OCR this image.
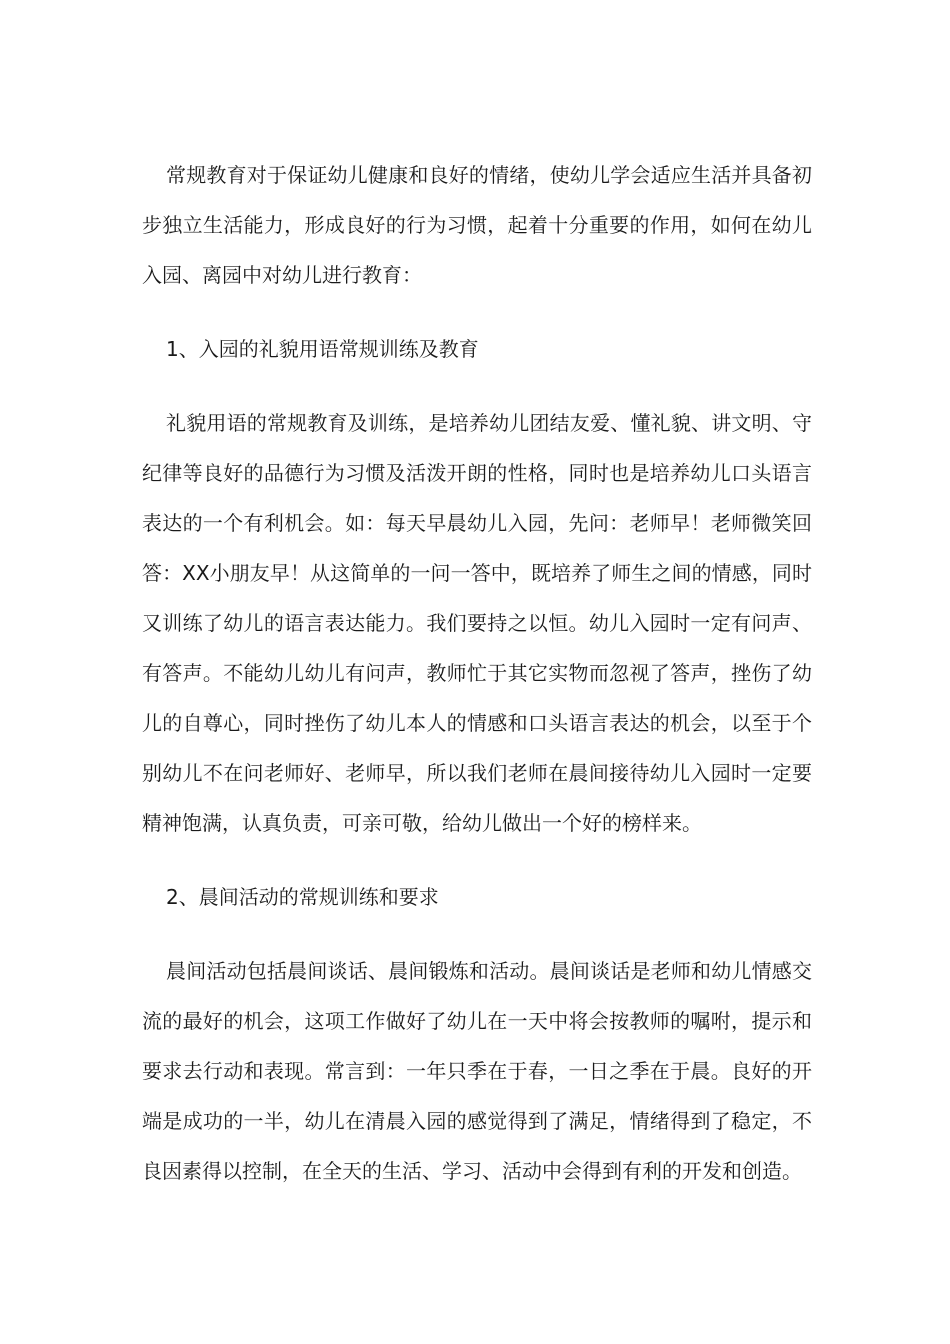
常规教育对于保证幼儿健康和良好的情绪，使幼儿学会适应生活并具备初步独立生活能力，形成良好的行为习惯，起着十分重要的作用，如何在幼儿入园、离园中对幼儿进行教育：

1、入园的礼貌用语常规训练及教育

礼貌用语的常规教育及训练，是培养幼儿团结友爱、懂礼貌、讲文明、守纪律等良好的品德行为习惯及活泼开朗的性格，同时也是培养幼儿口头语言表达的一个有利机会。如：每天早晨幼儿入园，先问：老师早！老师微笑回答：XX小朋友早！从这简单的一问一答中，既培养了师生之间的情感，同时又训练了幼儿的语言表达能力。我们要持之以恒。幼儿入园时一定有问声、有答声。不能幼儿幼儿有问声，教师忙于其它实物而忽视了答声，挫伤了幼儿的自尊心，同时挫伤了幼儿本人的情感和口头语言表达的机会，以至于个别幼儿不在问老师好、老师早，所以我们老师在晨间接待幼儿入园时一定要精神饱满，认真负责，可亲可敬，给幼儿做出一个好的榜样来。

2、晨间活动的常规训练和要求

晨间活动包括晨间谈话、晨间锻炼和活动。晨间谈话是老师和幼儿情感交流的最好的机会，这项工作做好了幼儿在一天中将会按教师的嘱咐，提示和要求去行动和表现。常言到：一年只季在于春，一日之季在于晨。良好的开端是成功的一半，幼儿在清晨入园的感觉得到了满足，情绪得到了稳定，不良因素得以控制，在全天的生活、学习、活动中会得到有利的开发和创造。
